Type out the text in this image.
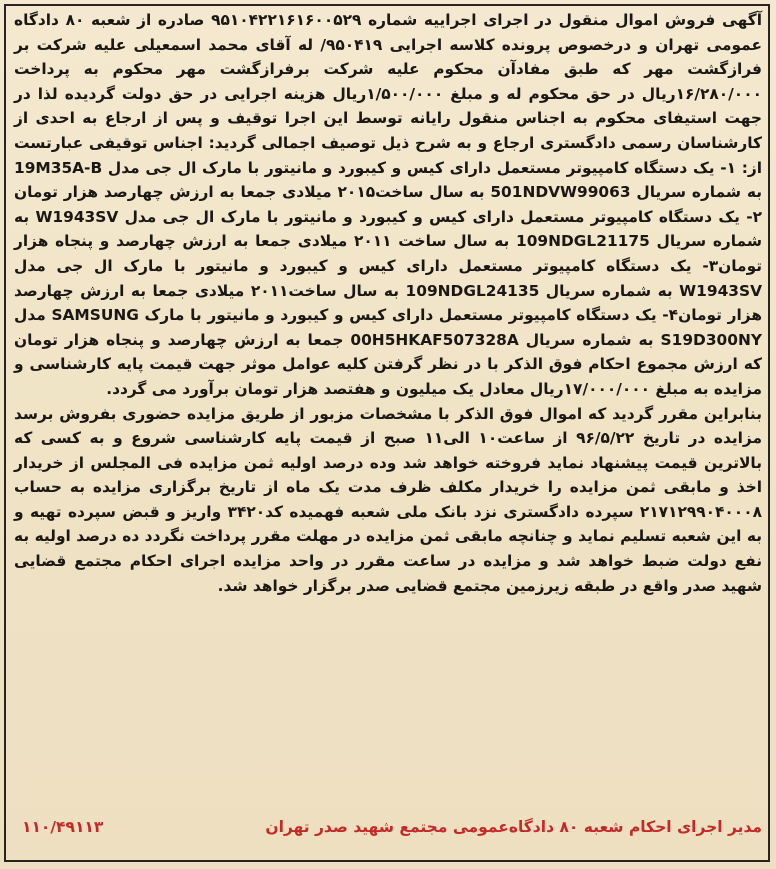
آگهی فروش اموال منقول در اجرای اجراییه شماره ۹۵۱۰۴۲۲۱۶۱۶۰۰۵۲۹ صادره از شعبه ۸۰ دادگاه عمومی تهران و درخصوص پرونده کلاسه اجرایی ۹۵۰۴۱۹/ له آقای محمد اسمعیلی علیه شرکت بر فرازگشت مهر که طبق مفادآن محکوم علیه شرکت برفرازگشت مهر محکوم به پرداخت ۱۶/۲۸۰/۰۰۰ریال در حق محکوم له و مبلغ ۱/۵۰۰/۰۰۰ریال هزینه اجرایی در حق دولت گردیده لذا در جهت استیفای محکوم به اجناس منقول رایانه توسط این اجرا توقیف و پس از ارجاع به احدی از کارشناسان رسمی دادگستری ارجاع و به شرح ذیل توصیف اجمالی گردید: اجناس توقیفی عبارتست از: ۱- یک دستگاه کامپیوتر مستعمل دارای کیس و کیبورد و مانیتور با مارک ال جی مدل 19M35A-B به شماره سریال 501NDVW99063 به سال ساخت۲۰۱۵ میلادی جمعا به ارزش چهارصد هزار تومان ۲- یک دستگاه کامپیوتر مستعمل دارای کیس و کیبورد و مانیتور با مارک ال جی مدل W1943SV به شماره سریال 109NDGL21175 به سال ساخت ۲۰۱۱ میلادی جمعا به ارزش چهارصد و پنجاه هزار تومان۳- یک دستگاه کامپیوتر مستعمل دارای کیس و کیبورد و مانیتور با مارک ال جی مدل W1943SV به شماره سریال 109NDGL24135 به سال ساخت۲۰۱۱ میلادی جمعا به ارزش چهارصد هزار تومان۴- یک دستگاه کامپیوتر مستعمل دارای کیس و کیبورد و مانیتور با مارک SAMSUNG مدل S19D300NY به شماره سریال 00H5HKAF507328A جمعا به ارزش چهارصد و پنجاه هزار تومان که ارزش مجموع احکام فوق الذکر با در نظر گرفتن کلیه عوامل موثر جهت قیمت پایه کارشناسی و مزایده به مبلغ ۱۷/۰۰۰/۰۰۰ریال معادل یک میلیون و هفتصد هزار تومان برآورد می گردد.

بنابراین مقرر گردید که اموال فوق الذکر با مشخصات مزبور از طریق مزایده حضوری بفروش برسد مزایده در تاریخ ۹۶/۵/۲۲ از ساعت۱۰ الی۱۱ صبح از قیمت پایه کارشناسی شروع و به کسی که بالاترین قیمت پیشنهاد نماید فروخته خواهد شد وده درصد اولیه ثمن مزایده فی المجلس از خریدار اخذ و مابقی ثمن مزایده را خریدار مکلف ظرف مدت یک ماه از تاریخ برگزاری مزایده به حساب ۲۱۷۱۲۹۹۰۴۰۰۰۸ سپرده دادگستری نزد بانک ملی شعبه فهمیده کد۳۴۲۰ واریز و قبض سپرده تهیه و به این شعبه تسلیم نماید و چنانچه مابقی ثمن مزایده در مهلت مقرر پرداخت نگردد ده درصد اولیه به نفع دولت ضبط خواهد شد و مزایده در ساعت مقرر در واحد مزایده اجرای احکام مجتمع قضایی شهید صدر واقع در طبقه زیرزمین مجتمع قضایی صدر برگزار خواهد شد.

مدیر اجرای احکام شعبه ۸۰ دادگاه‌عمومی مجتمع شهید صدر تهران
۱۱۰/۴۹۱۱۳
